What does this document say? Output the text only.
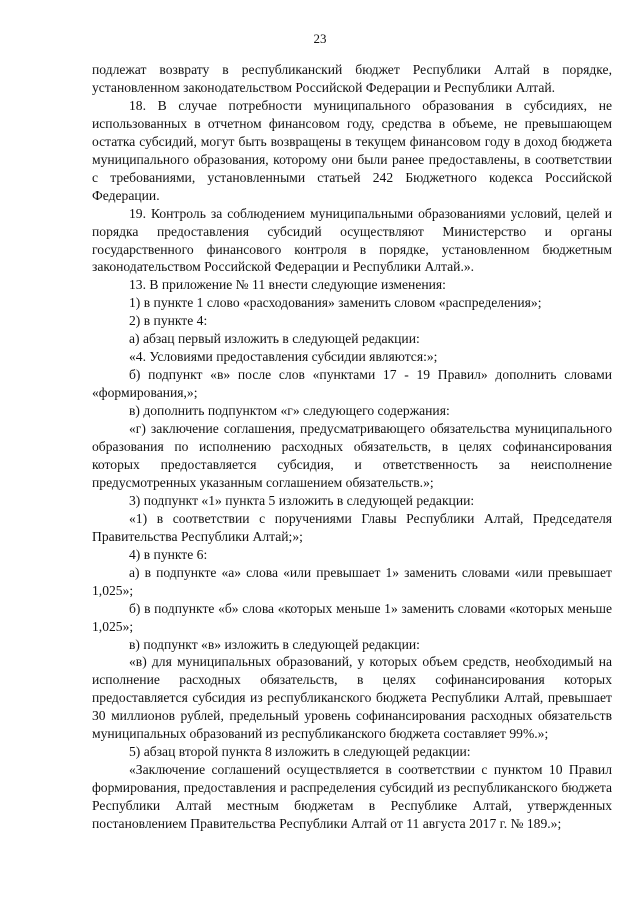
23

подлежат возврату в республиканский бюджет Республики Алтай в порядке, установленном законодательством Российской Федерации и Республики Алтай.

18. В случае потребности муниципального образования в субсидиях, не использованных в отчетном финансовом году, средства в объеме, не превышающем остатка субсидий, могут быть возвращены в текущем финансовом году в доход бюджета муниципального образования, которому они были ранее предоставлены, в соответствии с требованиями, установленными статьей 242 Бюджетного кодекса Российской Федерации.

19. Контроль за соблюдением муниципальными образованиями условий, целей и порядка предоставления субсидий осуществляют Министерство и органы государственного финансового контроля в порядке, установленном бюджетным законодательством Российской Федерации и Республики Алтай.».

13. В приложение № 11 внести следующие изменения:

1) в пункте 1 слово «расходования» заменить словом «распределения»;

2) в пункте 4:

а) абзац первый изложить в следующей редакции:

«4. Условиями предоставления субсидии являются:»;

б) подпункт «в» после слов «пунктами 17 - 19 Правил» дополнить словами «формирования,»;

в) дополнить подпунктом «г» следующего содержания:

«г) заключение соглашения, предусматривающего обязательства муниципального образования по исполнению расходных обязательств, в целях софинансирования которых предоставляется субсидия, и ответственность за неисполнение предусмотренных указанным соглашением обязательств.»;

3) подпункт «1» пункта 5 изложить в следующей редакции:

«1) в соответствии с поручениями Главы Республики Алтай, Председателя Правительства Республики Алтай;»;

4) в пункте 6:

а) в подпункте «а» слова «или превышает 1» заменить словами «или превышает 1,025»;

б) в подпункте «б» слова «которых меньше 1» заменить словами «которых меньше 1,025»;

в) подпункт «в» изложить в следующей редакции:

«в) для муниципальных образований, у которых объем средств, необходимый на исполнение расходных обязательств, в целях софинансирования которых предоставляется субсидия из республиканского бюджета Республики Алтай, превышает 30 миллионов рублей, предельный уровень софинансирования расходных обязательств муниципальных образований из республиканского бюджета составляет 99%.»;

5) абзац второй пункта 8 изложить в следующей редакции:

«Заключение соглашений осуществляется в соответствии с пунктом 10 Правил формирования, предоставления и распределения субсидий из республиканского бюджета Республики Алтай местным бюджетам в Республике Алтай, утвержденных постановлением Правительства Республики Алтай от 11 августа 2017 г. № 189.»;
